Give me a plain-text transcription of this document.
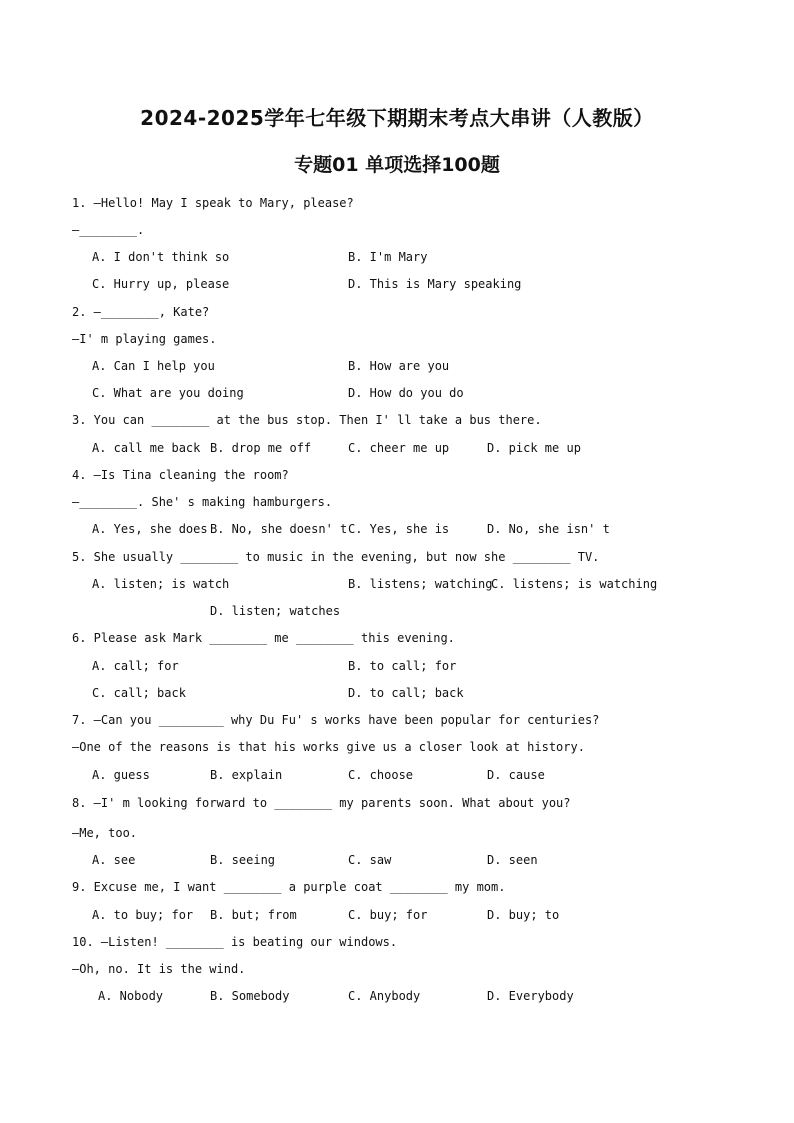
2024-2025学年七年级下期期末考点大串讲（人教版）
专题01 单项选择100题
1. —Hello! May I speak to Mary, please?
—________.
A. I don't think so	B. I'm Mary
C. Hurry up, please	D. This is Mary speaking
2. —________, Kate?
—I' m playing games.
A. Can I help you	B. How are you
C. What are you doing	D. How do you do
3. You can ________ at the bus stop. Then I' ll take a bus there.
A. call me back B. drop me off	C. cheer me up	D. pick me up
4. —Is Tina cleaning the room?
—________. She' s making hamburgers.
A. Yes, she does B. No, she doesn' t C. Yes, she is	D. No, she isn' t
5. She usually ________ to music in the evening, but now she ________ TV.
A. listen; is watch	B. listens; watching
C. listens; is watching
D. listen; watches
6. Please ask Mark ________ me ________ this evening.
A. call; for	B. to call; for
C. call; back	D. to call; back
7. —Can you _________ why Du Fu' s works have been popular for centuries?
—One of the reasons is that his works give us a closer look at history.
A. guess	B. explain	C. choose	D. cause
8. —I' m looking forward to ________ my parents soon. What about you?
—Me, too.
A. see	B. seeing	C. saw	D. seen
9. Excuse me, I want ________ a purple coat ________ my mom.
A. to buy; for B. but; from	C. buy; for	D. buy; to
10. —Listen! ________ is beating our windows.
—Oh, no. It is the wind.
A. Nobody	B. Somebody	C. Anybody	D. Everybody
